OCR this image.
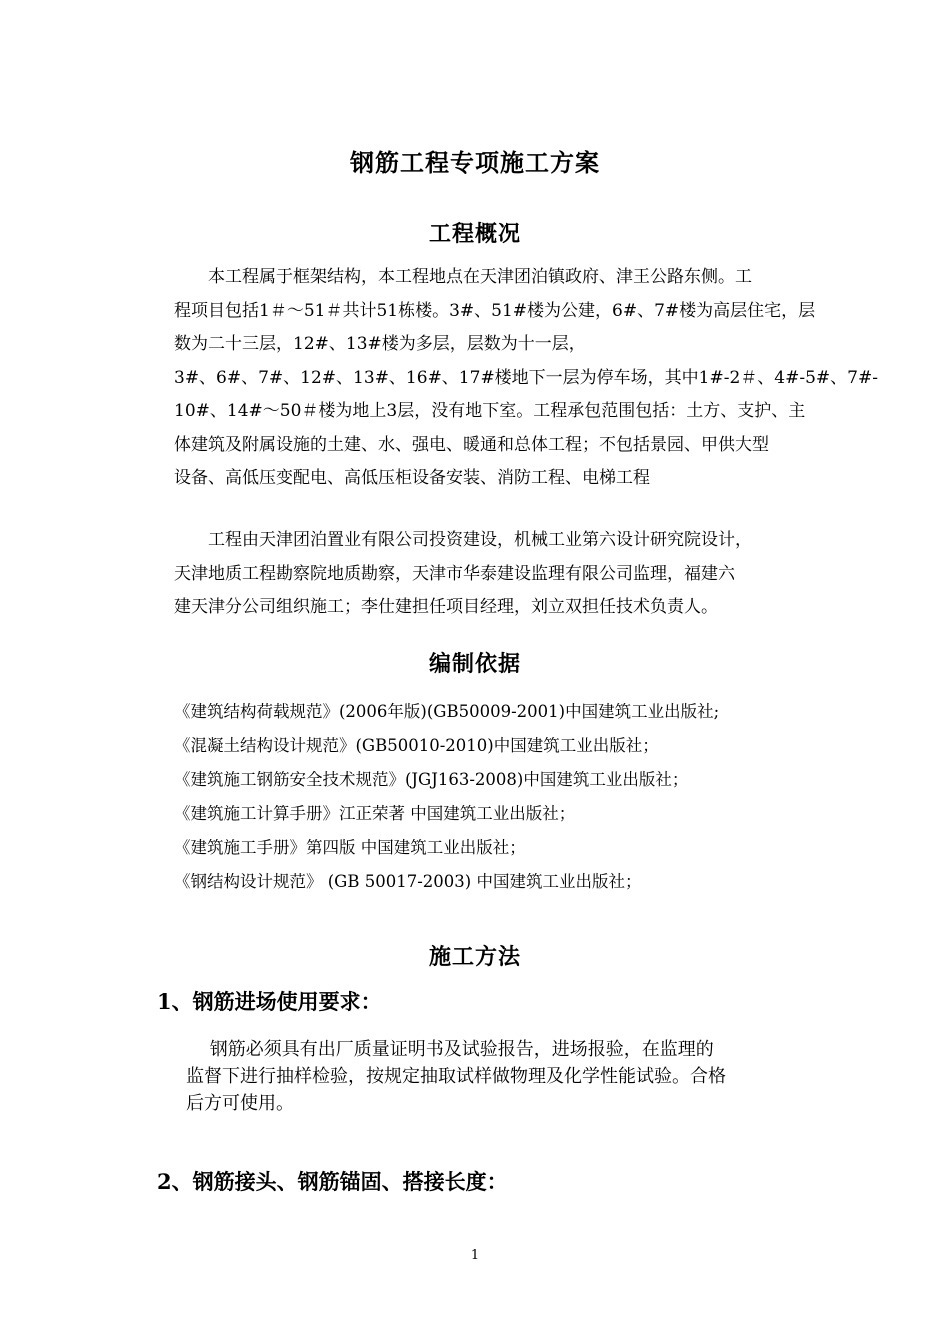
钢筋工程专项施工方案
工程概况
　　本工程属于框架结构，本工程地点在天津团泊镇政府、津王公路东侧。工
程项目包括1＃～51＃共计51栋楼。3#、51#楼为公建，6#、7#楼为高层住宅，层
数为二十三层，12#、13#楼为多层，层数为十一层，
3#、6#、7#、12#、13#、16#、17#楼地下一层为停车场，其中1#-2＃、4#-5#、7#-
10#、14#～50＃楼为地上3层，没有地下室。工程承包范围包括：土方、支护、主
体建筑及附属设施的土建、水、强电、暖通和总体工程；不包括景园、甲供大型
设备、高低压变配电、高低压柜设备安装、消防工程、电梯工程
　　工程由天津团泊置业有限公司投资建设，机械工业第六设计研究院设计，
天津地质工程勘察院地质勘察，天津市华泰建设监理有限公司监理，福建六
建天津分公司组织施工；李仕建担任项目经理，刘立双担任技术负责人。
编制依据
《建筑结构荷载规范》(2006年版)(GB50009-2001)中国建筑工业出版社;
《混凝土结构设计规范》(GB50010-2010)中国建筑工业出版社；
《建筑施工钢筋安全技术规范》(JGJ163-2008)中国建筑工业出版社；
《建筑施工计算手册》江正荣著 中国建筑工业出版社；
《建筑施工手册》第四版 中国建筑工业出版社；
《钢结构设计规范》 (GB 50017-2003) 中国建筑工业出版社；
施工方法
1、钢筋进场使用要求：
　 钢筋必须具有出厂质量证明书及试验报告，进场报验，在监理的
监督下进行抽样检验，按规定抽取试样做物理及化学性能试验。合格
后方可使用。
2、钢筋接头、钢筋锚固、搭接长度：
1
